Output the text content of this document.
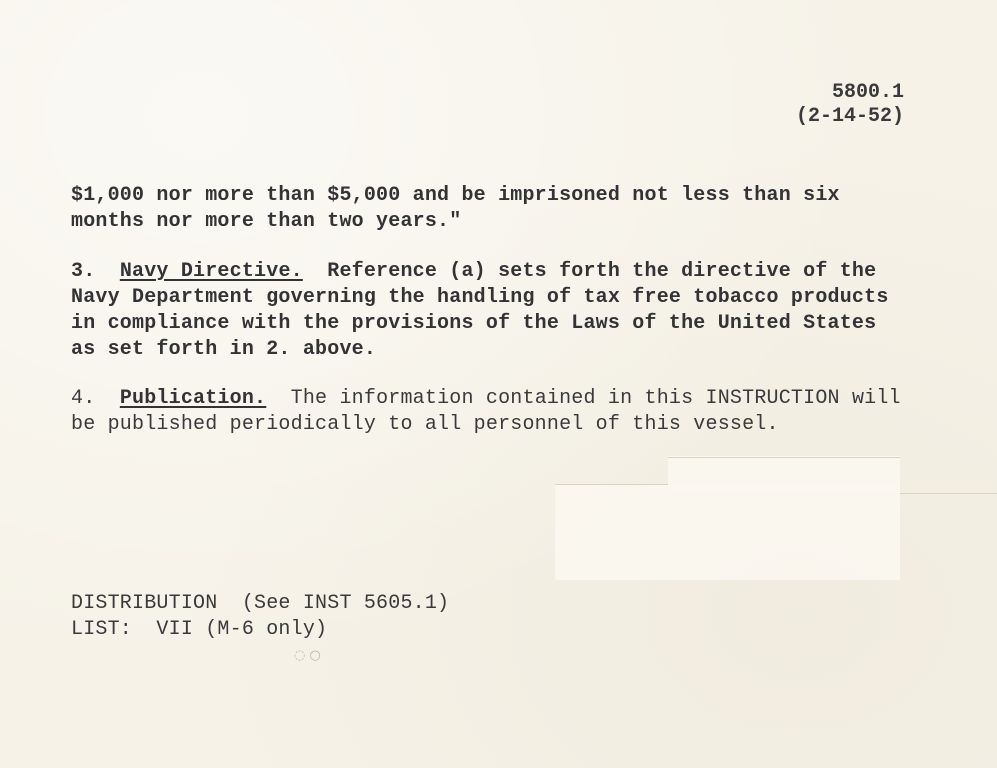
5800.1
(2-14-52)
$1,000 nor more than $5,000 and be imprisoned not less than six
months nor more than two years."
3. Navy Directive. Reference (a) sets forth the directive of the
Navy Department governing the handling of tax free tobacco products
in compliance with the provisions of the Laws of the United States
as set forth in 2. above.
4. Publication. The information contained in this INSTRUCTION will
be published periodically to all personnel of this vessel.
DISTRIBUTION  (See INST 5605.1)
LIST:  VII (M-6 only)
◌ ○
